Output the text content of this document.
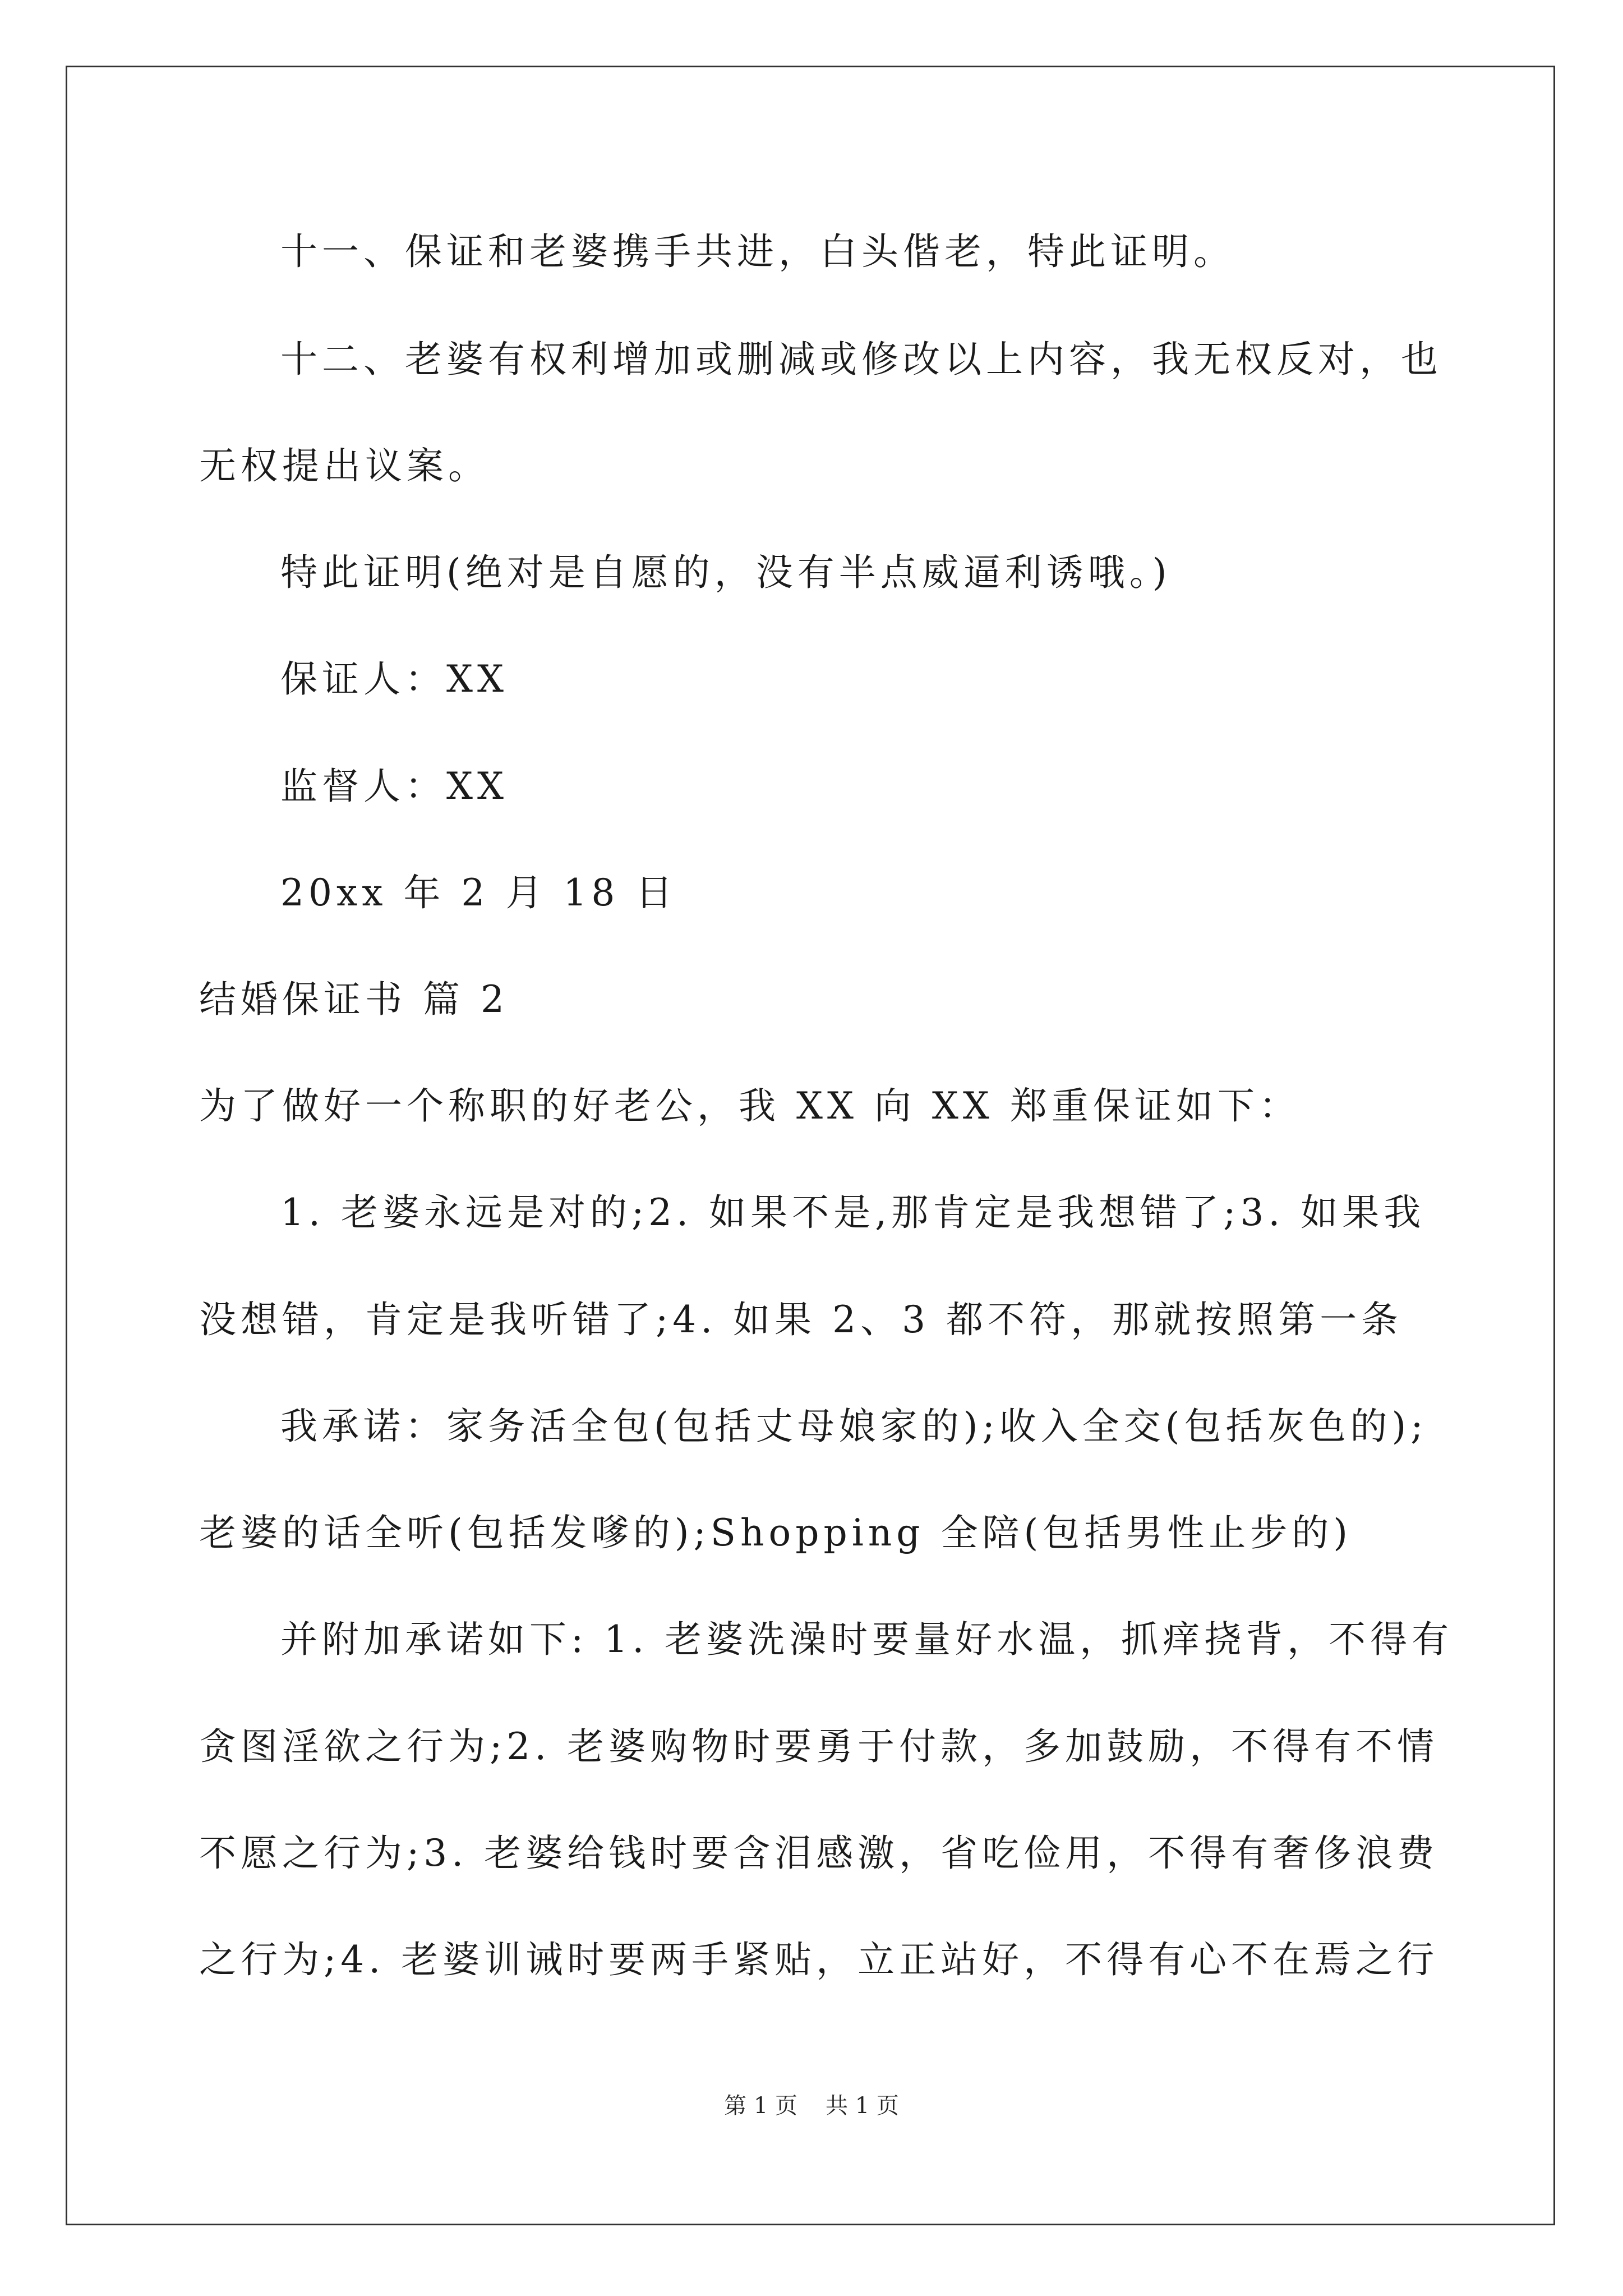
十一、保证和老婆携手共进，白头偕老，特此证明。
十二、老婆有权利增加或删减或修改以上内容，我无权反对，也
无权提出议案。
特此证明(绝对是自愿的，没有半点威逼利诱哦。)
保证人：XX
监督人：XX
20xx 年 2 月 18 日
结婚保证书 篇 2
为了做好一个称职的好老公，我 XX 向 XX 郑重保证如下：
1. 老婆永远是对的;2. 如果不是,那肯定是我想错了;3. 如果我
没想错，肯定是我听错了;4. 如果 2、3 都不符，那就按照第一条
我承诺：家务活全包(包括丈母娘家的);收入全交(包括灰色的);
老婆的话全听(包括发嗲的);Shopping 全陪(包括男性止步的)
并附加承诺如下: 1. 老婆洗澡时要量好水温，抓痒挠背，不得有
贪图淫欲之行为;2. 老婆购物时要勇于付款，多加鼓励，不得有不情
不愿之行为;3. 老婆给钱时要含泪感激，省吃俭用，不得有奢侈浪费
之行为;4. 老婆训诫时要两手紧贴，立正站好，不得有心不在焉之行
第 1 页 共 1 页
